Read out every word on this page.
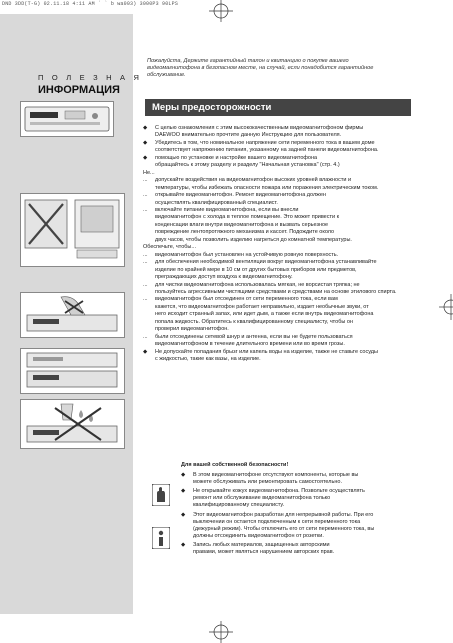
DND 3DD(T-G) 02.11.18 4:11 AM ` ` b wa003) 3000P3 90LPS
П О Л Е З Н А Я
ИНФОРМАЦИЯ
Пожалуйста, Держите гарантийный талон и квитанцию о покупке вашего
видеомагнитофона в безопасном месте, на случай, если понадобится гарантийное
обслуживание.
Меры предосторожности

◆ С целью ознакомления с этим высококачественным видеомагнитофоном фирмы

DAEWOO внимательно прочтите данную Инструкцию для пользователя.

◆ Убедитесь в том, что номинальное напряжение сети переменного тока в вашем доме

соответствует напряжению питания, указанному на задней панели видеомагнитофона.

◆ помощью по установке и настройке вашего видеомагнитофона

обращайтесь к этому разделу и разделу "Начальная установка" (стр. 4.)

Не...

... допускайте воздействия на видеомагнитофон высоких уровней влажности и

температуры, чтобы избежать опасности пожара или поражения электрическим током.

... открывайте видеомагнитофон. Ремонт видеомагнитофона должен

осуществлять квалифицированный специалист.

... включайте питание видеомагнитофона, если вы внесли

видеомагнитофон с холода в теплое помещение. Это может привести к

конденсации влаги внутри видеомагнитофона и вызвать серьезное

повреждение лентопротяжного механизма и кассет. Подождите около

двух часов, чтобы позволить изделию нагреться до комнатной температуры.

Обеспечьте, чтобы...

... видеомагнитофон был установлен на устойчивую ровную поверхность.

... для обеспечения необходимой вентиляции вокруг видеомагнитофона устанавливайте

изделие по крайней мере в 10 см от других бытовых приборов или предметов,

преграждающих доступ воздуха к видеомагнитофону.

... для чистки видеомагнитофона использовалась мягкая, не ворсистая тряпка; не

пользуйтесь агрессивными чистящими средствами и средствами на основе этилового спирта.

... видеомагнитофон был отсоединен от сети переменного тока, если вам

кажется, что видеомагнитофон работает неправильно, издает необычные звуки, от

него исходит странный запах, или идет дым, а также если внутрь видеомагнитофона

попала жидкость. Обратитесь к квалифицированному специалисту, чтобы он

проверил видеомагнитофон.

... были отсоединены сетевой шнур и антенна, если вы не будете пользоваться

видеомагнитофоном в течение длительного времени или во время грозы.

◆ Не допускайте попадания брызг или капель воды на изделие, также не ставьте сосуды

с жидкостью, такие как вазы, на изделие.

Для вашей собственной безопасности!

◆ В этом видеомагнитофоне отсутствуют компоненты, которые вы

можете обслуживать или ремонтировать самостоятельно.

◆ Не открывайте кожух видеомагнитофона. Позвольте осуществлять

ремонт или обслуживание видеомагнитофона только

квалифицированному специалисту.

◆ Этот видеомагнитофон разработан для непрерывной работы. При его

выключении он остается подключенным к сети переменного тока

(дежурный режим). Чтобы отключить его от сети переменного тока, вы

должны отсоединить видеомагнитофон от розетки.

◆ Запись любых материалов, защищенных авторскими

правами, может являться нарушением авторских прав.
